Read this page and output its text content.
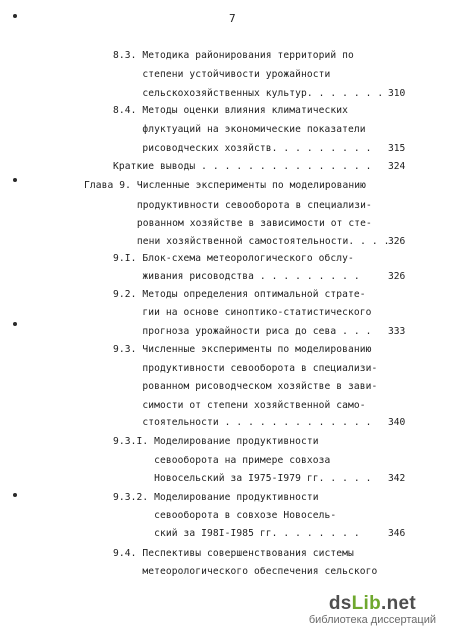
7
8.3. Методика районирования территорий по
степени устойчивости урожайности
сельскохозяйственных культур. . . . . . . 310
8.4. Методы оценки влияния климатических
флуктуаций на экономические показатели
рисоводческих хозяйств. . . . . . . . . 315
Краткие выводы . . . . . . . . . . . . . . . 324
Глава 9. Численные эксперименты по моделированию
продуктивности севооборота в специализи-
рованном хозяйстве в зависимости от сте-
пени хозяйственной самостоятельности. . . .
326
9.I. Блок-схема метеорологического обслу-
живания рисоводства . . . . . . . . .	326
9.2. Методы определения оптимальной страте-
гии на основе синоптико-статистического
прогноза урожайности риса до сева . . . 333
9.3. Численные эксперименты по моделированию
продуктивности севооборота в специализи-
рованном рисоводческом хозяйстве в зави-
симости от степени хозяйственной само-
стоятельности . . . . . . . . . . . . . 340
9.3.I. Моделирование продуктивности
севооборота на примере совхоза
Новосельский за I975-I979 гг. . . . . 342
9.3.2. Моделирование продуктивности
севооборота в совхозе Новосель-
ский за I98I-I985 гг. . . . . . . .	346
9.4. Песпективы совершенствования системы
метеорологического обеспечения сельского
dsLib.net
библиотека диссертаций
